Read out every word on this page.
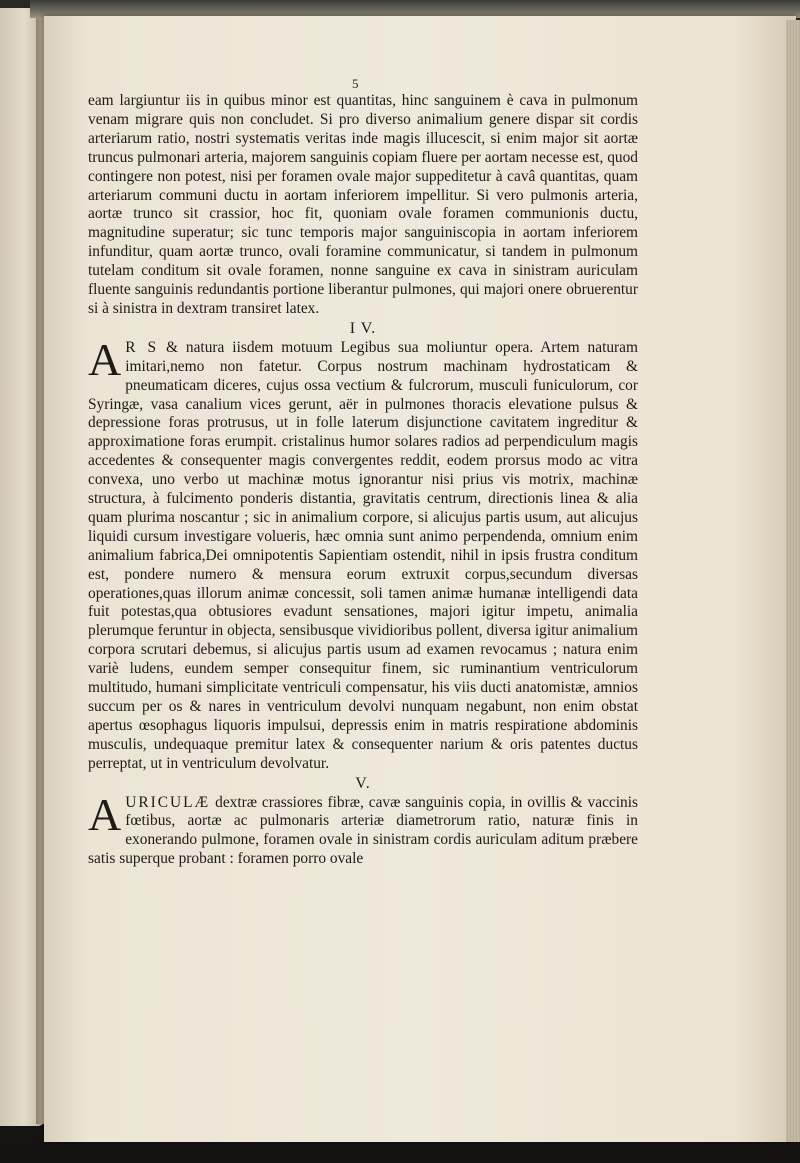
5

eam largiuntur iis in quibus minor est quantitas, hinc sanguinem è cava in pulmonum venam migrare quis non concludet. Si pro diverso animalium genere dispar sit cordis arteriarum ratio, nostri systematis veritas inde magis illucescit, si enim major sit aortæ truncus pulmonari arteria, majorem sanguinis copiam fluere per aortam necesse est, quod contingere non potest, nisi per foramen ovale major suppeditetur à cavâ quantitas, quam arteriarum communi ductu in aortam inferiorem impellitur. Si vero pulmonis arteria, aortæ trunco sit crassior, hoc fit, quoniam ovale foramen communionis ductu, magnitudine superatur; sic tunc temporis major sanguiniscopia in aortam inferiorem infunditur, quam aortæ trunco, ovali foramine communicatur, si tandem in pulmonum tutelam conditum sit ovale foramen, nonne sanguine ex cava in sinistram auriculam fluente sanguinis redundantis portione liberantur pulmones, qui majori onere obruerentur si à sinistra in dextram transiret latex.

I V.

A R S & natura iisdem motuum Legibus sua moliuntur opera. Artem naturam imitari,nemo non fatetur. Corpus nostrum machinam hydrostaticam & pneumaticam diceres, cujus ossa vectium & fulcrorum, musculi funiculorum, cor Syringæ, vasa canalium vices gerunt, aër in pulmones thoracis elevatione pulsus & depressione foras protrusus, ut in folle laterum disjunctione cavitatem ingreditur & approximatione foras erumpit. cristalinus humor solares radios ad perpendiculum magis accedentes & consequenter magis convergentes reddit, eodem prorsus modo ac vitra convexa, uno verbo ut machinæ motus ignorantur nisi prius vis motrix, machinæ structura, à fulcimento ponderis distantia, gravitatis centrum, directionis linea & alia quam plurima noscantur ; sic in animalium corpore, si alicujus partis usum, aut alicujus liquidi cursum investigare volueris, hæc omnia sunt animo perpendenda, omnium enim animalium fabrica,Dei omnipotentis Sapientiam ostendit, nihil in ipsis frustra conditum est, pondere numero & mensura eorum extruxit corpus,secundum diversas operationes,quas illorum animæ concessit, soli tamen animæ humanæ intelligendi data fuit potestas,qua obtusiores evadunt sensationes, majori igitur impetu, animalia plerumque feruntur in objecta, sensibusque vividioribus pollent, diversa igitur animalium corpora scrutari debemus, si alicujus partis usum ad examen revocamus ; natura enim variè ludens, eundem semper consequitur finem, sic ruminantium ventriculorum multitudo, humani simplicitate ventriculi compensatur, his viis ducti anatomistæ, amnios succum per os & nares in ventriculum devolvi nunquam negabunt, non enim obstat apertus œsophagus liquoris impulsui, depressis enim in matris respiratione abdominis musculis, undequaque premitur latex & consequenter narium & oris patentes ductus perreptat, ut in ventriculum devolvatur.

V.

AURICULÆ dextræ crassiores fibræ, cavæ sanguinis copia, in ovillis & vaccinis fœtibus, aortæ ac pulmonaris arteriæ diametrorum ratio, naturæ finis in exonerando pulmone, foramen ovale in sinistram cordis auriculam aditum præbere satis superque probant : foramen porro ovale
